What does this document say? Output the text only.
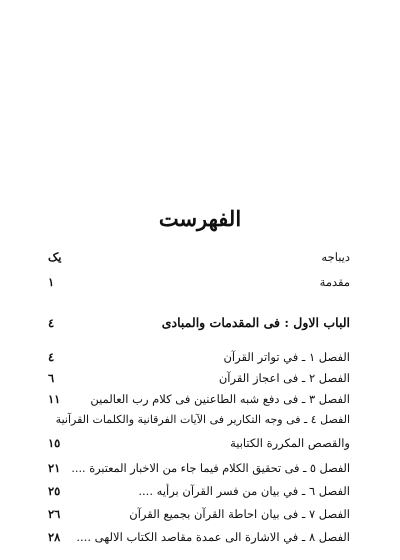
الفهرست
دیباجه
یک
مقدمة
١
الباب الاول : فی المقدمات والمبادی
٤
الفصل ١ ـ في تواتر القرآن
٤
الفصل ٢ ـ فی اعجاز القرآن
٦
الفصل ٣ ـ فی دفع شبه الطاعنین فی کلام رب العالمین
١١
الفصل ٤ ـ فی وجه التکاریر فی الآیات الفرقانية والکلمات القرآنية
والقصص المکررة الکتابية
١٥
الفصل ٥ ـ فی تحقیق الکلام فیما جاء من الاخبار المعتبرة ....
٢١
الفصل ٦ ـ في بيان من فسر القرآن برأيه ....
٢٥
الفصل ٧ ـ فی بیان احاطة القرآن بجمیع القرآن
٢٦
الفصل ٨ ـ في الاشارة الی عمدة مقاصد الکتاب الالهی ....
٢٨
